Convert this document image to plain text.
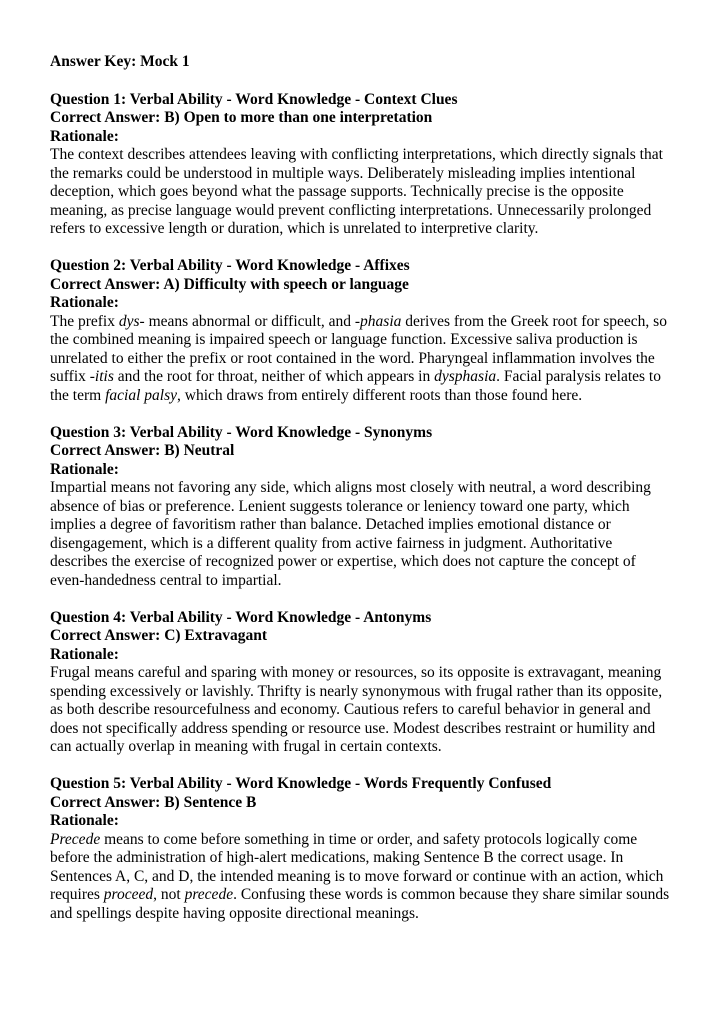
Answer Key: Mock 1

Question 1: Verbal Ability - Word Knowledge - Context Clues

Correct Answer: B) Open to more than one interpretation

Rationale:

The context describes attendees leaving with conflicting interpretations, which directly signals that the remarks could be understood in multiple ways. Deliberately misleading implies intentional deception, which goes beyond what the passage supports. Technically precise is the opposite meaning, as precise language would prevent conflicting interpretations. Unnecessarily prolonged refers to excessive length or duration, which is unrelated to interpretive clarity.

Question 2: Verbal Ability - Word Knowledge - Affixes

Correct Answer: A) Difficulty with speech or language

Rationale:

The prefix dys- means abnormal or difficult, and -phasia derives from the Greek root for speech, so the combined meaning is impaired speech or language function. Excessive saliva production is unrelated to either the prefix or root contained in the word. Pharyngeal inflammation involves the suffix -itis and the root for throat, neither of which appears in dysphasia. Facial paralysis relates to the term facial palsy, which draws from entirely different roots than those found here.

Question 3: Verbal Ability - Word Knowledge - Synonyms

Correct Answer: B) Neutral

Rationale:

Impartial means not favoring any side, which aligns most closely with neutral, a word describing absence of bias or preference. Lenient suggests tolerance or leniency toward one party, which implies a degree of favoritism rather than balance. Detached implies emotional distance or disengagement, which is a different quality from active fairness in judgment. Authoritative describes the exercise of recognized power or expertise, which does not capture the concept of even-handedness central to impartial.

Question 4: Verbal Ability - Word Knowledge - Antonyms

Correct Answer: C) Extravagant

Rationale:

Frugal means careful and sparing with money or resources, so its opposite is extravagant, meaning spending excessively or lavishly. Thrifty is nearly synonymous with frugal rather than its opposite, as both describe resourcefulness and economy. Cautious refers to careful behavior in general and does not specifically address spending or resource use. Modest describes restraint or humility and can actually overlap in meaning with frugal in certain contexts.

Question 5: Verbal Ability - Word Knowledge - Words Frequently Confused

Correct Answer: B) Sentence B

Rationale:

Precede means to come before something in time or order, and safety protocols logically come before the administration of high-alert medications, making Sentence B the correct usage. In Sentences A, C, and D, the intended meaning is to move forward or continue with an action, which requires proceed, not precede. Confusing these words is common because they share similar sounds and spellings despite having opposite directional meanings.
